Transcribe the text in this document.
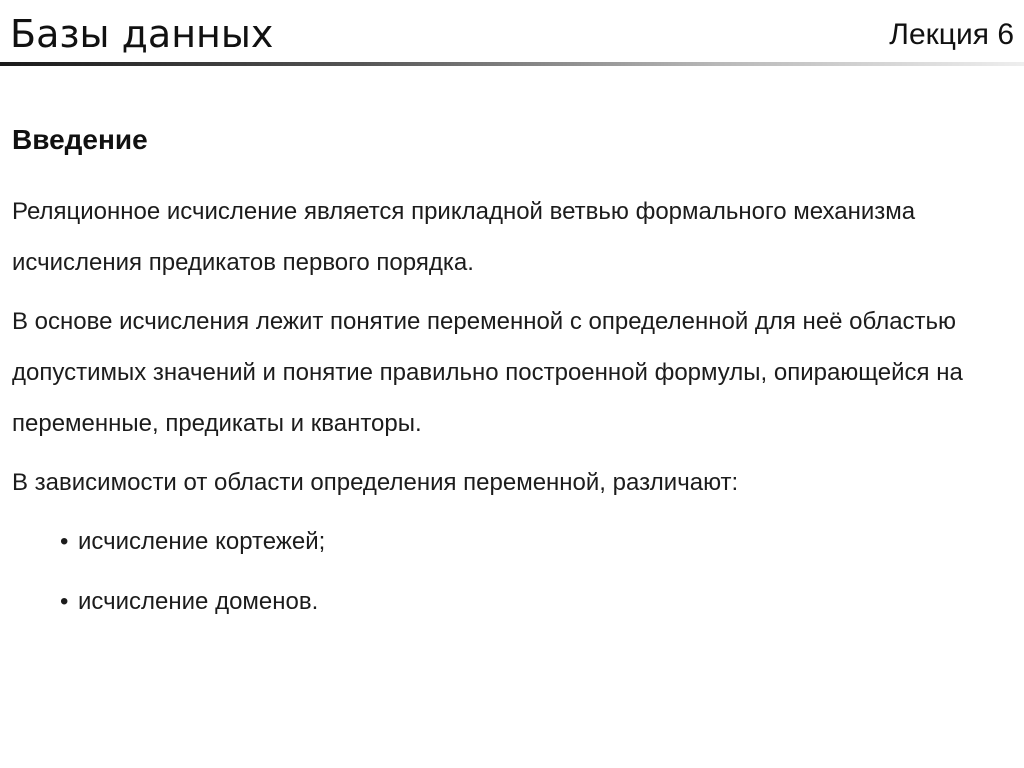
Базы данных	Лекция 6
Введение

Реляционное исчисление является прикладной ветвью формального механизма исчисления предикатов первого порядка.

В основе исчисления лежит понятие переменной с определенной для неё областью допустимых значений и понятие правильно построенной формулы, опирающейся на переменные, предикаты и кванторы.

В зависимости от области определения переменной, различают:

• исчисление кортежей;
• исчисление доменов.
